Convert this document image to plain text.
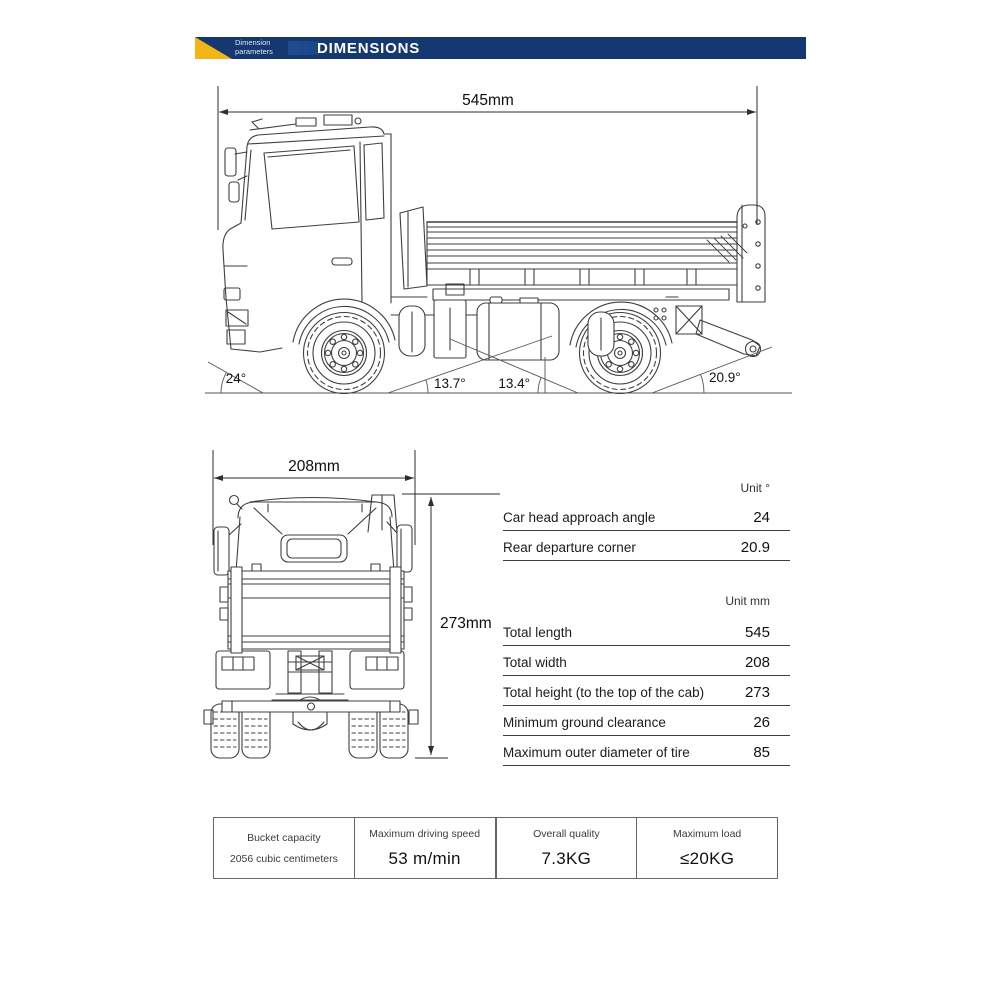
Dimension
parameters	DIMENSIONS
545mm
24°	13.7° 13.4°	20.9°
208mm
273mm
Unit °
Car head approach angle	24
Rear departure corner	20.9
Unit mm
Total length	545
Total width	208
Total height (to the top of the cab)	273
Minimum ground clearance	26
Maximum outer diameter of tire	85
Bucket capacity
2056 cubic centimeters
Maximum driving speed
53 m/min
Overall quality
7.3KG
Maximum load
≤20KG
